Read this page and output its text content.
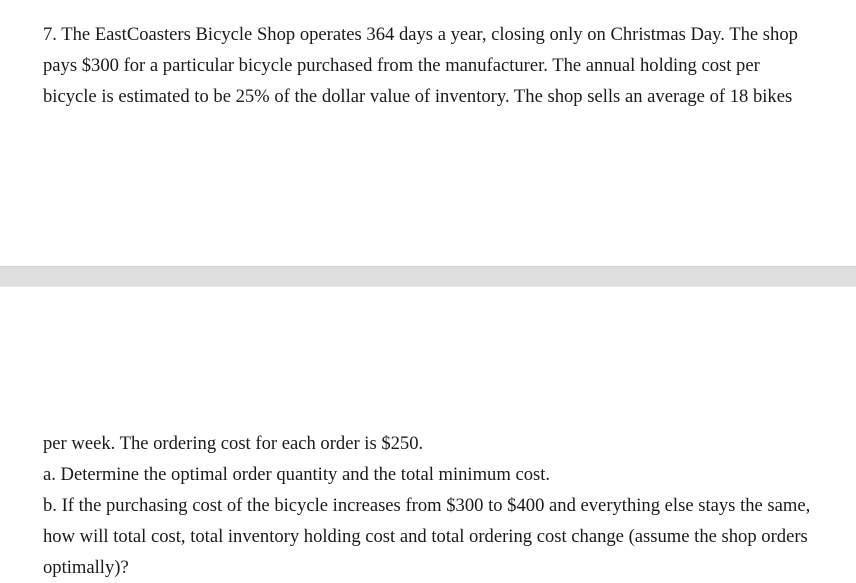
7. The EastCoasters Bicycle Shop operates 364 days a year, closing only on Christmas Day. The shop
pays $300 for a particular bicycle purchased from the manufacturer. The annual holding cost per
bicycle is estimated to be 25% of the dollar value of inventory. The shop sells an average of 18 bikes
per week. The ordering cost for each order is $250.
a. Determine the optimal order quantity and the total minimum cost.
b. If the purchasing cost of the bicycle increases from $300 to $400 and everything else stays the same,
how will total cost, total inventory holding cost and total ordering cost change (assume the shop orders
optimally)?
